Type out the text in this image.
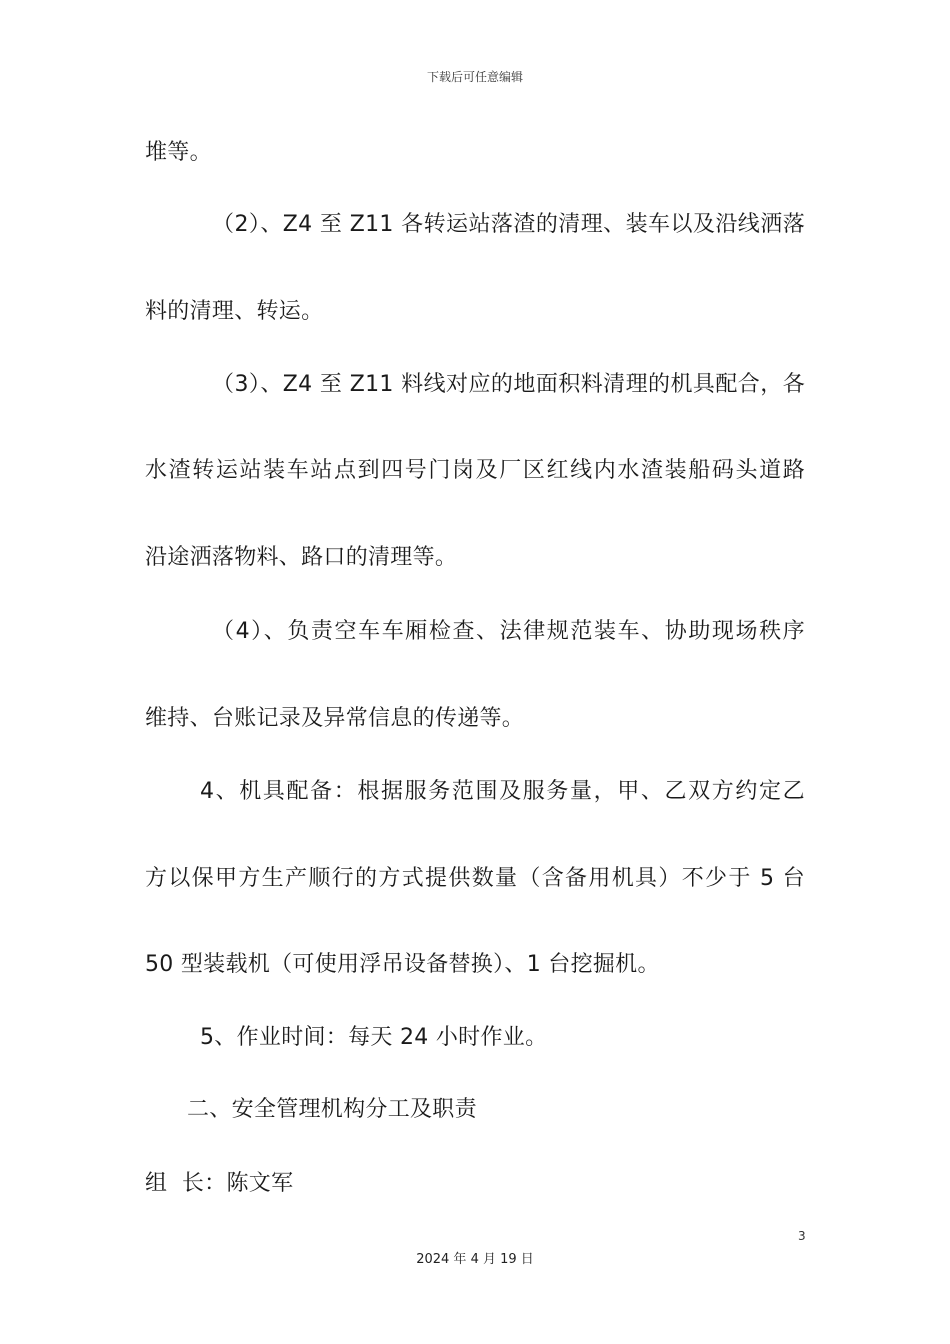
下载后可任意编辑
堆等。
（2）、Z4 至 Z11 各转运站落渣的清理、装车以及沿线洒落
料的清理、转运。
（3）、Z4 至 Z11 料线对应的地面积料清理的机具配合，各
水渣转运站装车站点到四号门岗及厂区红线内水渣装船码头道路
沿途洒落物料、路口的清理等。
（4）、负责空车车厢检查、法律规范装车、协助现场秩序
维持、台账记录及异常信息的传递等。
4、机具配备：根据服务范围及服务量，甲、乙双方约定乙
方以保甲方生产顺行的方式提供数量（含备用机具）不少于 5 台
50 型装载机（可使用浮吊设备替换）、1 台挖掘机。
5、作业时间：每天 24 小时作业。
二、安全管理机构分工及职责
组  长：陈文军
3
2024 年 4 月 19 日
